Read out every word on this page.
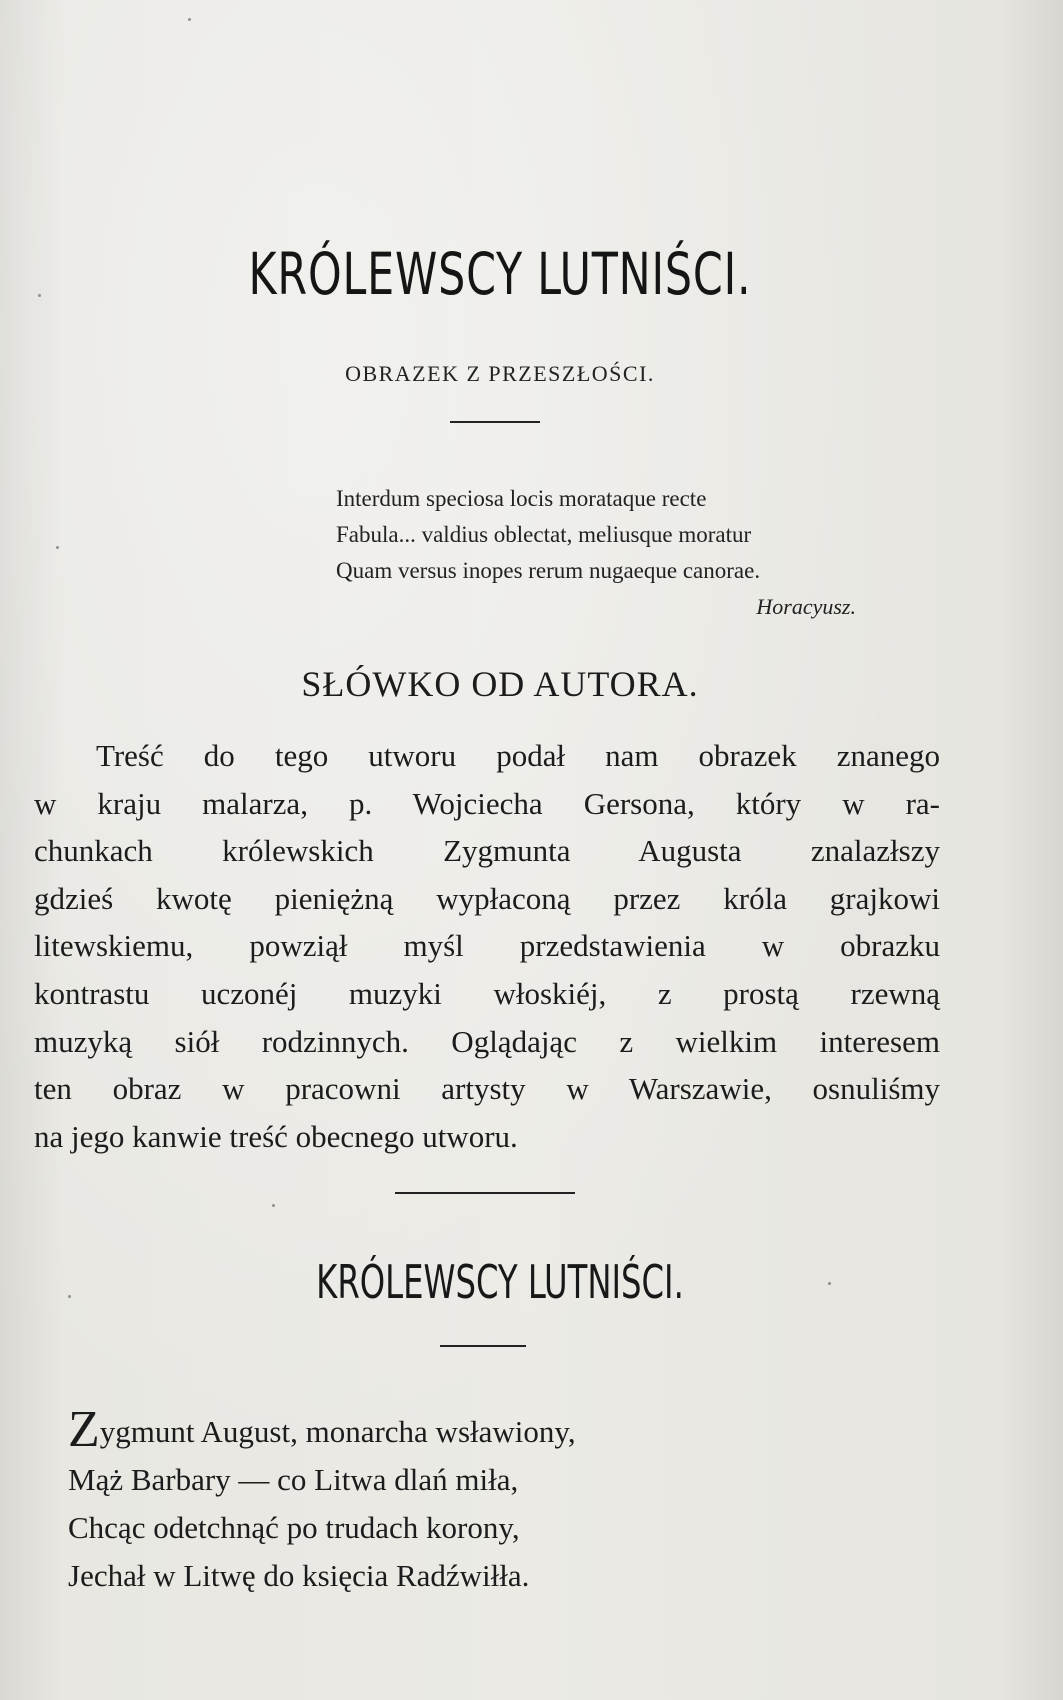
KRÓLEWSCY LUTNIŚCI.
OBRAZEK Z PRZESZŁOŚCI.
Interdum speciosa locis morataque recte
Fabula... valdius oblectat, meliusque moratur
Quam versus inopes rerum nugaeque canorae.
Horacyusz.
SŁÓWKO OD AUTORA.
Treść do tego utworu podał nam obrazek znanego
w kraju malarza, p. Wojciecha Gersona, który w ra-
chunkach królewskich Zygmunta Augusta znalazłszy
gdzieś kwotę pieniężną wypłaconą przez króla grajkowi
litewskiemu, powziął myśl przedstawienia w obrazku
kontrastu uczonéj muzyki włoskiéj, z prostą rzewną
muzyką siół rodzinnych. Oglądając z wielkim interesem
ten obraz w pracowni artysty w Warszawie, osnuliśmy
na jego kanwie treść obecnego utworu.
KRÓLEWSCY LUTNIŚCI.
Zygmunt August, monarcha wsławiony,
Mąż Barbary — co Litwa dlań miła,
Chcąc odetchnąć po trudach korony,
Jechał w Litwę do księcia Radźwiłła.
